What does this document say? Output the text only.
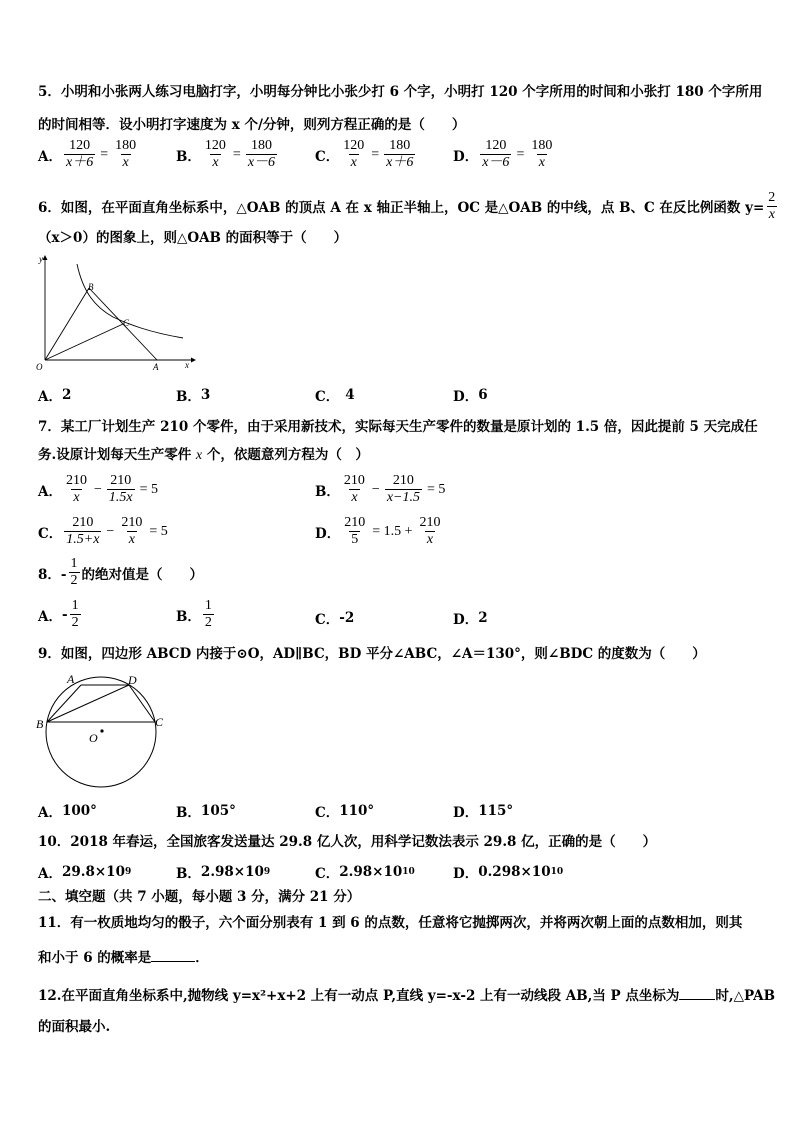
5．小明和小张两人练习电脑打字，小明每分钟比小张少打 6 个字，小明打 120 个字所用的时间和小张打 180 个字所用
的时间相等．设小明打字速度为 x 个/分钟，则列方程正确的是（　　）
A． $\frac{120}{x+6} = \frac{180}{x}$	B． $\frac{120}{x} = \frac{180}{x-6}$	C． $\frac{120}{x} = \frac{180}{x+6}$	D． $\frac{120}{x-6} = \frac{180}{x}$
6．如图，在平面直角坐标系中，△OAB 的顶点 A 在 x 轴正半轴上，OC 是△OAB 的中线，点 B、C 在反比例函数 $y= \frac{2}{x}$
（x＞0）的图象上，则△OAB 的面积等于（　　）
y
x
O	A
B
C
A． 2	B． 3	C． 4	D． 6
7．某工厂计划生产 210 个零件，由于采用新技术，实际每天生产零件的数量是原计划的 1.5 倍，因此提前 5 天完成任
务.设原计划每天生产零件 x 个，依题意列方程为（　）
A． $\frac{210}{x} - \frac{210}{1.5x} = 5$	B． $\frac{210}{x} - \frac{210}{x-1.5} = 5$
C． $\frac{210}{1.5+x} - \frac{210}{x} = 5$	D． $\frac{210}{5} = 1.5 + \frac{210}{x}$
8．- $\frac{1}{2}$ 的绝对值是（　　）
A． - $\frac{1}{2}$	B． $\frac{1}{2}$	C． -2	D． 2
9．如图，四边形 ABCD 内接于⊙O，AD∥BC，BD 平分∠ABC，∠A＝130°，则∠BDC 的度数为（　　）
A	D
B	C
O
A． 100°	B． 105°	C． 110°	D． 115°
10．2018 年春运，全国旅客发送量达 29.8 亿人次，用科学记数法表示 29.8 亿，正确的是（　　）
A． 29.8×10 9	B． 2.98×10 9	C． 2.98×10 10	D． 0.298×10 10
二、填空题（共 7 小题，每小题 3 分，满分 21 分）
11．有一枚质地均匀的骰子，六个面分别表有 1 到 6 的点数，任意将它抛掷两次，并将两次朝上面的点数相加，则其
和小于 6 的概率是	．
12.在平面直角坐标系中,抛物线 y=x²+x+2 上有一动点 P,直线 y=-x-2 上有一动线段 AB,当 P 点坐标为	时,△PAB
的面积最小.
